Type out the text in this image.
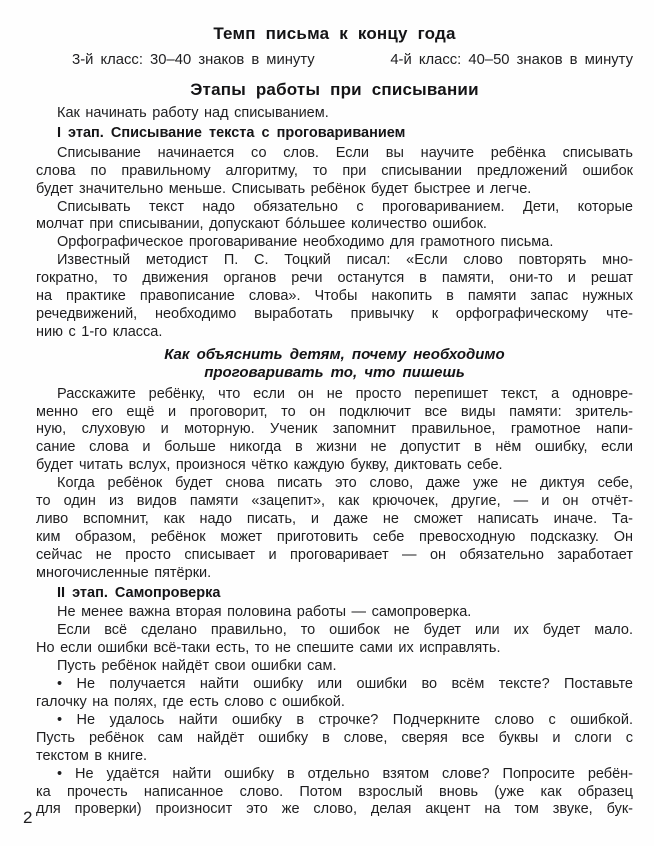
Темп письма к концу года
3-й класс: 30–40 знаков в минуту	4-й класс: 40–50 знаков в минуту
Этапы работы при списывании
Как начинать работу над списыванием.
I этап. Списывание текста с проговариванием
Списывание начинается со слов. Если вы научите ребёнка списывать
слова по правильному алгоритму, то при списывании предложений ошибок
будет значительно меньше. Списывать ребёнок будет быстрее и легче.
Списывать текст надо обязательно с проговариванием. Дети, которые
молчат при списывании, допускают бо́льшее количество ошибок.
Орфографическое проговаривание необходимо для грамотного письма.
Известный методист П. С. Тоцкий писал: «Если слово повторять мно-
гократно, то движения органов речи останутся в памяти, они-то и решат
на практике правописание слова». Чтобы накопить в памяти запас нужных
речедвижений, необходимо выработать привычку к орфографическому чте-
нию с 1-го класса.
Как объяснить детям, почему необходимо
проговаривать то, что пишешь
Расскажите ребёнку, что если он не просто перепишет текст, а одновре-
менно его ещё и проговорит, то он подключит все виды памяти: зритель-
ную, слуховую и моторную. Ученик запомнит правильное, грамотное напи-
сание слова и больше никогда в жизни не допустит в нём ошибку, если
будет читать вслух, произнося чётко каждую букву, диктовать себе.
Когда ребёнок будет снова писать это слово, даже уже не диктуя себе,
то один из видов памяти «зацепит», как крючочек, другие, — и он отчёт-
ливо вспомнит, как надо писать, и даже не сможет написать иначе. Та-
ким образом, ребёнок может приготовить себе превосходную подсказку. Он
сейчас не просто списывает и проговаривает — он обязательно заработает
многочисленные пятёрки.
II этап. Самопроверка
Не менее важна вторая половина работы — самопроверка.
Если всё сделано правильно, то ошибок не будет или их будет мало.
Но если ошибки всё-таки есть, то не спешите сами их исправлять.
Пусть ребёнок найдёт свои ошибки сам.
• Не получается найти ошибку или ошибки во всём тексте? Поставьте
галочку на полях, где есть слово с ошибкой.
• Не удалось найти ошибку в строчке? Подчеркните слово с ошибкой.
Пусть ребёнок сам найдёт ошибку в слове, сверяя все буквы и слоги с
текстом в книге.
• Не удаётся найти ошибку в отдельно взятом слове? Попросите ребён-
ка прочесть написанное слово. Потом взрослый вновь (уже как образец
для проверки) произносит это же слово, делая акцент на том звуке, бук-
2
